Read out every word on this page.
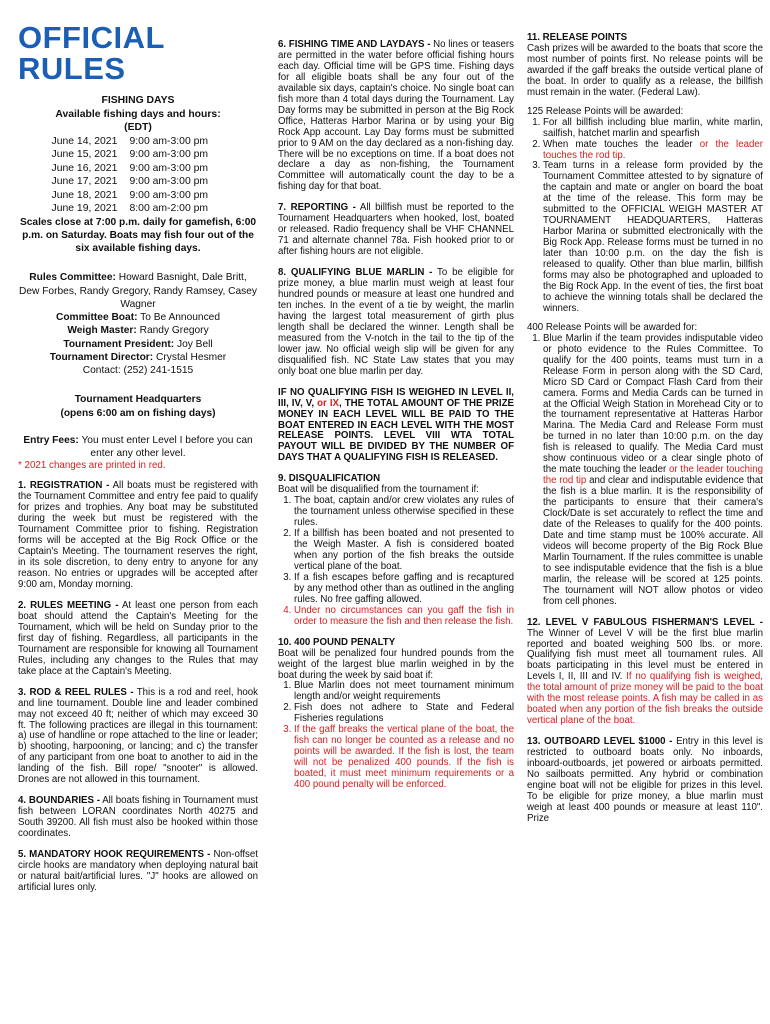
OFFICIAL RULES
FISHING DAYS
Available fishing days and hours:
(EDT)
June 14, 2021	9:00 am-3:00 pm
June 15, 2021	9:00 am-3:00 pm
June 16, 2021	9:00 am-3:00 pm
June 17, 2021	9:00 am-3:00 pm
June 18, 2021	9:00 am-3:00 pm
June 19, 2021	8:00 am-2:00 pm
Scales close at 7:00 p.m. daily for gamefish, 6:00 p.m. on Saturday. Boats may fish four out of the six available fishing days.
Rules Committee: Howard Basnight, Dale Britt, Dew Forbes, Randy Gregory, Randy Ramsey, Casey Wagner
Committee Boat: To Be Announced
Weigh Master: Randy Gregory
Tournament President: Joy Bell
Tournament Director: Crystal Hesmer
Contact: (252) 241-1515
Tournament Headquarters
(opens 6:00 am on fishing days)
Entry Fees: You must enter Level I before you can enter any other level.
* 2021 changes are printed in red.

1. REGISTRATION - All boats must be registered with the Tournament Committee and entry fee paid to qualify for prizes and trophies. Any boat may be substituted during the week but must be registered with the Tournament Committee prior to fishing. Registration forms will be accepted at the Big Rock Office or the Captain's Meeting. The tournament reserves the right, in its sole discretion, to deny entry to anyone for any reason. No entries or upgrades will be accepted after 9:00 am, Monday morning.

2. RULES MEETING - At least one person from each boat should attend the Captain's Meeting for the Tournament, which will be held on Sunday prior to the first day of fishing. Regardless, all participants in the Tournament are responsible for knowing all Tournament Rules, including any changes to the Rules that may take place at the Captain's Meeting.

3. ROD & REEL RULES - This is a rod and reel, hook and line tournament. Double line and leader combined may not exceed 40 ft; neither of which may exceed 30 ft. The following practices are illegal in this tournament: a) use of handline or rope attached to the line or leader; b) shooting, harpooning, or lancing; and c) the transfer of any participant from one boat to another to aid in the landing of the fish. Bill rope/ "snooter" is allowed. Drones are not allowed in this tournament.

4. BOUNDARIES - All boats fishing in Tournament must fish between LORAN coordinates North 40275 and South 39200. All fish must also be hooked within those coordinates.

5. MANDATORY HOOK REQUIREMENTS - Non-offset circle hooks are mandatory when deploying natural bait or natural bait/artificial lures. "J" hooks are allowed on artificial lures only.

6. FISHING TIME AND LAYDAYS - No lines or teasers are permitted in the water before official fishing hours each day. Official time will be GPS time. Fishing days for all eligible boats shall be any four out of the available six days, captain's choice. No single boat can fish more than 4 total days during the Tournament. Lay Day forms may be submitted in person at the Big Rock Office, Hatteras Harbor Marina or by using your Big Rock App account. Lay Day forms must be submitted prior to 9 AM on the day declared as a non-fishing day. There will be no exceptions on time. If a boat does not declare a day as non-fishing, the Tournament Committee will automatically count the day to be a fishing day for that boat.

7. REPORTING - All billfish must be reported to the Tournament Headquarters when hooked, lost, boated or released. Radio frequency shall be VHF CHANNEL 71 and alternate channel 78a. Fish hooked prior to or after fishing hours are not eligible.

8. QUALIFYING BLUE MARLIN - To be eligible for prize money, a blue marlin must weigh at least four hundred pounds or measure at least one hundred and ten inches. In the event of a tie by weight, the marlin having the largest total measurement of girth plus length shall be declared the winner. Length shall be measured from the V-notch in the tail to the tip of the lower jaw. No official weigh slip will be given for any disqualified fish. NC State Law states that you may only boat one blue marlin per day.

IF NO QUALIFYING FISH IS WEIGHED IN LEVEL II, III, IV, V, or IX, THE TOTAL AMOUNT OF THE PRIZE MONEY IN EACH LEVEL WILL BE PAID TO THE BOAT ENTERED IN EACH LEVEL WITH THE MOST RELEASE POINTS. LEVEL VIII WTA TOTAL PAYOUT WILL BE DIVIDED BY THE NUMBER OF DAYS THAT A QUALIFYING FISH IS RELEASED.

9. DISQUALIFICATION

Boat will be disqualified from the tournament if:

1. The boat, captain and/or crew violates any rules of the tournament unless otherwise specified in these rules.
2. If a billfish has been boated and not presented to the Weigh Master. A fish is considered boated when any portion of the fish breaks the outside vertical plane of the boat.
3. If a fish escapes before gaffing and is recaptured by any method other than as outlined in the angling rules. No free gaffing allowed.
4. Under no circumstances can you gaff the fish in order to measure the fish and then release the fish.
10. 400 POUND PENALTY

Boat will be penalized four hundred pounds from the weight of the largest blue marlin weighed in by the boat during the week by said boat if:

1. Blue Marlin does not meet tournament minimum length and/or weight requirements
2. Fish does not adhere to State and Federal Fisheries regulations
3. If the gaff breaks the vertical plane of the boat, the fish can no longer be counted as a release and no points will be awarded. If the fish is lost, the team will not be penalized 400 pounds. If the fish is boated, it must meet minimum requirements or a 400 pound penalty will be enforced.
11. RELEASE POINTS

Cash prizes will be awarded to the boats that score the most number of points first. No release points will be awarded if the gaff breaks the outside vertical plane of the boat. In order to qualify as a release, the billfish must remain in the water. (Federal Law).

125 Release Points will be awarded:

1. For all billfish including blue marlin, white marlin, sailfish, hatchet marlin and spearfish
2. When mate touches the leader or the leader touches the rod tip.
3. Team turns in a release form provided by the Tournament Committee attested to by signature of the captain and mate or angler on board the boat at the time of the release. This form may be submitted to the OFFICIAL WEIGH MASTER AT TOURNAMENT HEADQUARTERS, Hatteras Harbor Marina or submitted electronically with the Big Rock App. Release forms must be turned in no later than 10:00 p.m. on the day the fish is released to qualify. Other than blue marlin, billfish forms may also be photographed and uploaded to the Big Rock App. In the event of ties, the first boat to achieve the winning totals shall be declared the winners.

400 Release Points will be awarded for:

1. Blue Marlin if the team provides indisputable video or photo evidence to the Rules Committee. To qualify for the 400 points, teams must turn in a Release Form in person along with the SD Card, Micro SD Card or Compact Flash Card from their camera. Forms and Media Cards can be turned in at the Official Weigh Station in Morehead City or to the tournament representative at Hatteras Harbor Marina. The Media Card and Release Form must be turned in no later than 10:00 p.m. on the day fish is released to qualify. The Media Card must show continuous video or a clear single photo of the mate touching the leader or the leader touching the rod tip and clear and indisputable evidence that the fish is a blue marlin. It is the responsibility of the participants to ensure that their camera's Clock/Date is set accurately to reflect the time and date of the Releases to qualify for the 400 points. Date and time stamp must be 100% accurate. All videos will become property of the Big Rock Blue Marlin Tournament. If the rules committee is unable to see indisputable evidence that the fish is a blue marlin, the release will be scored at 125 points. The tournament will NOT allow photos or video from cell phones.

12. LEVEL V FABULOUS FISHERMAN'S LEVEL - The Winner of Level V will be the first blue marlin reported and boated weighing 500 lbs. or more. Qualifying fish must meet all tournament rules. All boats participating in this level must be entered in Levels I, II, III and IV. If no qualifying fish is weighed, the total amount of prize money will be paid to the boat with the most release points. A fish may be called in as boated when any portion of the fish breaks the outside vertical plane of the boat.

13. OUTBOARD LEVEL $1000 - Entry in this level is restricted to outboard boats only. No inboards, inboard-outboards, jet powered or airboats permitted. No sailboats permitted. Any hybrid or combination engine boat will not be eligible for prizes in this level. To be eligible for prize money, a blue marlin must weigh at least 400 pounds or measure at least 110". Prize
